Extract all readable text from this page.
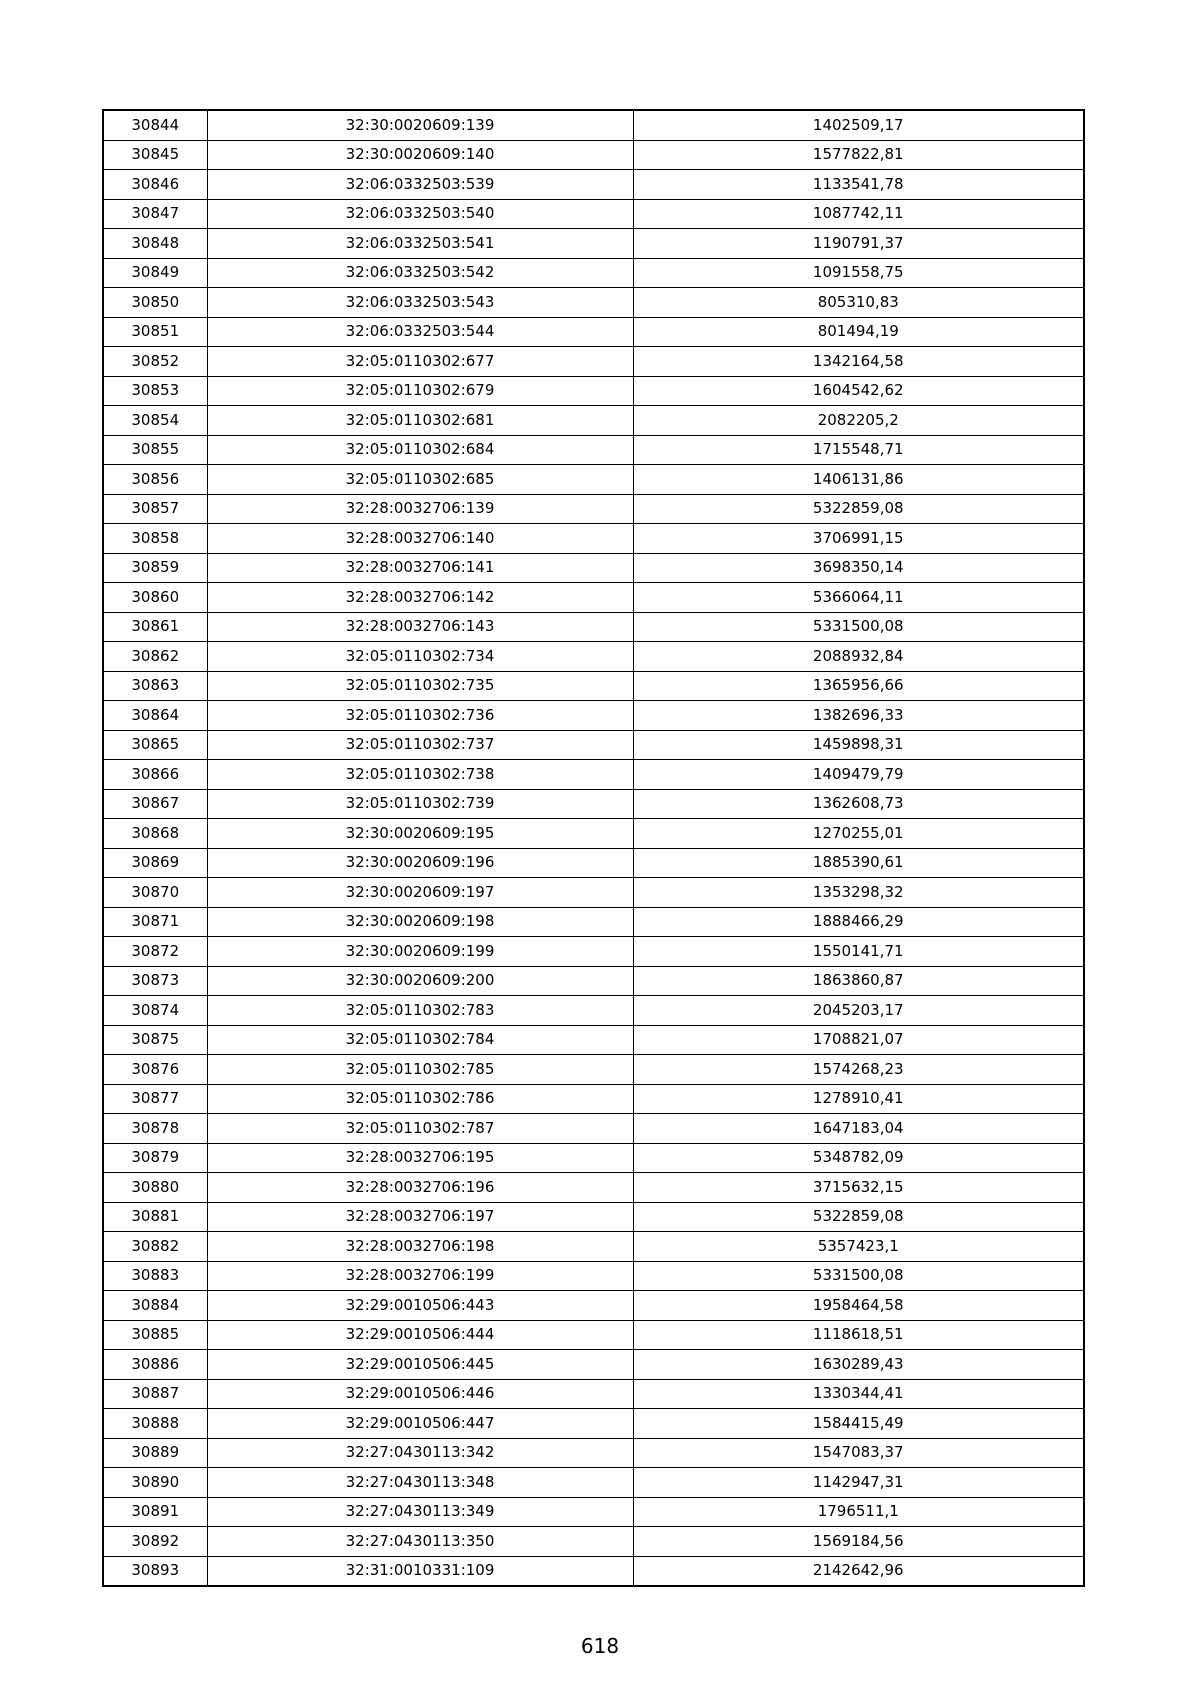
30844	32:30:0020609:139	1402509,17
30845	32:30:0020609:140	1577822,81
30846	32:06:0332503:539	1133541,78
30847	32:06:0332503:540	1087742,11
30848	32:06:0332503:541	1190791,37
30849	32:06:0332503:542	1091558,75
30850	32:06:0332503:543	805310,83
30851	32:06:0332503:544	801494,19
30852	32:05:0110302:677	1342164,58
30853	32:05:0110302:679	1604542,62
30854	32:05:0110302:681	2082205,2
30855	32:05:0110302:684	1715548,71
30856	32:05:0110302:685	1406131,86
30857	32:28:0032706:139	5322859,08
30858	32:28:0032706:140	3706991,15
30859	32:28:0032706:141	3698350,14
30860	32:28:0032706:142	5366064,11
30861	32:28:0032706:143	5331500,08
30862	32:05:0110302:734	2088932,84
30863	32:05:0110302:735	1365956,66
30864	32:05:0110302:736	1382696,33
30865	32:05:0110302:737	1459898,31
30866	32:05:0110302:738	1409479,79
30867	32:05:0110302:739	1362608,73
30868	32:30:0020609:195	1270255,01
30869	32:30:0020609:196	1885390,61
30870	32:30:0020609:197	1353298,32
30871	32:30:0020609:198	1888466,29
30872	32:30:0020609:199	1550141,71
30873	32:30:0020609:200	1863860,87
30874	32:05:0110302:783	2045203,17
30875	32:05:0110302:784	1708821,07
30876	32:05:0110302:785	1574268,23
30877	32:05:0110302:786	1278910,41
30878	32:05:0110302:787	1647183,04
30879	32:28:0032706:195	5348782,09
30880	32:28:0032706:196	3715632,15
30881	32:28:0032706:197	5322859,08
30882	32:28:0032706:198	5357423,1
30883	32:28:0032706:199	5331500,08
30884	32:29:0010506:443	1958464,58
30885	32:29:0010506:444	1118618,51
30886	32:29:0010506:445	1630289,43
30887	32:29:0010506:446	1330344,41
30888	32:29:0010506:447	1584415,49
30889	32:27:0430113:342	1547083,37
30890	32:27:0430113:348	1142947,31
30891	32:27:0430113:349	1796511,1
30892	32:27:0430113:350	1569184,56
30893	32:31:0010331:109	2142642,96
618
